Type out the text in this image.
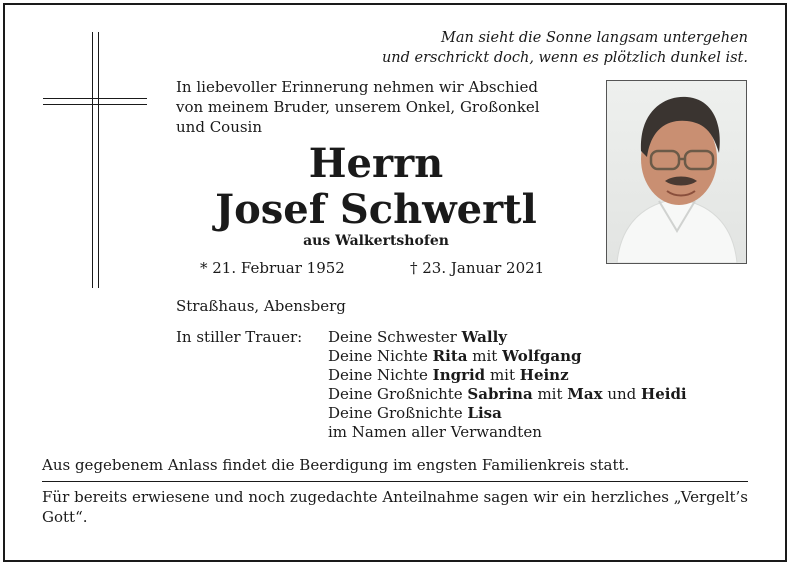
Man sieht die Sonne langsam untergehen
und erschrickt doch, wenn es plötzlich dunkel ist.
In liebevoller Erinnerung nehmen wir Abschied
von meinem Bruder, unserem Onkel, Großonkel
und Cousin
Herrn
Josef Schwertl
aus Walkertshofen
* 21. Februar 1952	† 23. Januar 2021
Straßhaus, Abensberg
In stiller Trauer: Deine Schwester Wally
Deine Nichte Rita mit Wolfgang
Deine Nichte Ingrid mit Heinz
Deine Großnichte Sabrina mit Max und Heidi
Deine Großnichte Lisa
im Namen aller Verwandten
Aus gegebenem Anlass findet die Beerdigung im engsten Familienkreis statt.
Für bereits erwiesene und noch zugedachte Anteilnahme sagen wir ein herzliches „Vergelt’s Gott“.
